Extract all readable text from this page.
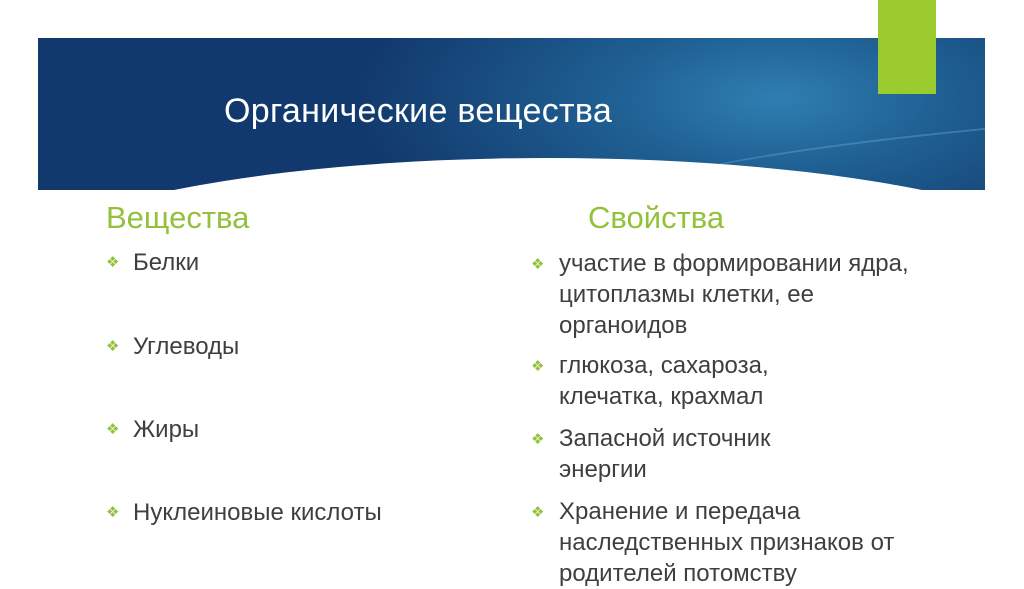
Органические вещества
Вещества	Свойства
❖ Белки
❖ Углеводы
❖ Жиры
❖ Нуклеиновые кислоты
❖ участие в формировании ядра, цитоплазмы клетки, ее органоидов
❖ глюкоза, сахароза, клечатка, крахмал
❖ Запасной источник энергии
❖ Хранение и передача наследственных признаков от родителей потомству
